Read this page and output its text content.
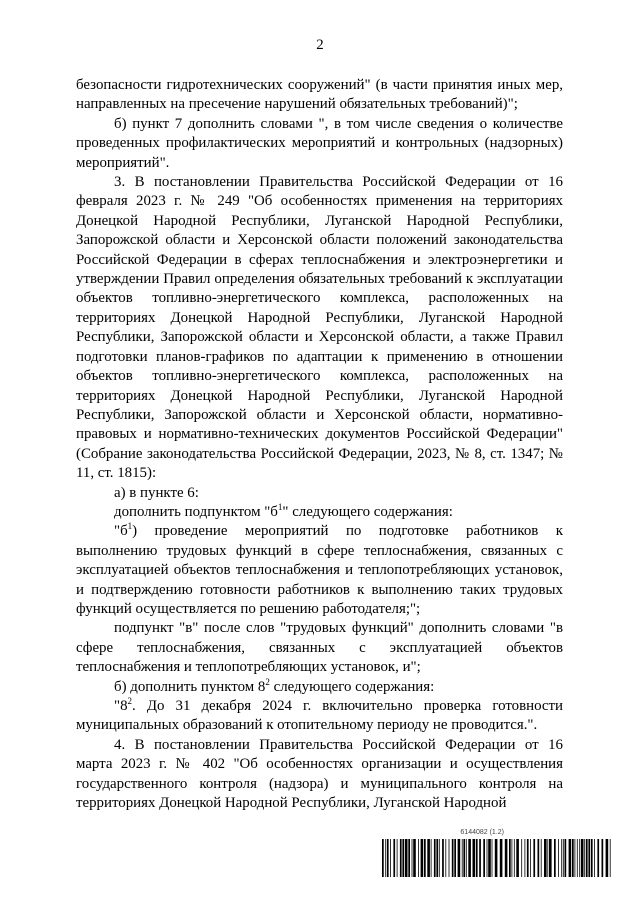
2

безопасности гидротехнических сооружений" (в части принятия иных мер, направленных на пресечение нарушений обязательных требований)";

б) пункт 7 дополнить словами ", в том числе сведения о количестве проведенных профилактических мероприятий и контрольных (надзорных) мероприятий".

3. В постановлении Правительства Российской Федерации от 16 февраля 2023 г. № 249 "Об особенностях применения на территориях Донецкой Народной Республики, Луганской Народной Республики, Запорожской области и Херсонской области положений законодательства Российской Федерации в сферах теплоснабжения и электроэнергетики и утверждении Правил определения обязательных требований к эксплуатации объектов топливно-энергетического комплекса, расположенных на территориях Донецкой Народной Республики, Луганской Народной Республики, Запорожской области и Херсонской области, а также Правил подготовки планов-графиков по адаптации к применению в отношении объектов топливно-энергетического комплекса, расположенных на территориях Донецкой Народной Республики, Луганской Народной Республики, Запорожской области и Херсонской области, нормативно-правовых и нормативно-технических документов Российской Федерации" (Собрание законодательства Российской Федерации, 2023, № 8, ст. 1347; № 11, ст. 1815):

а) в пункте 6:

дополнить подпунктом "$б^1$" следующего содержания:

"$б^1$) проведение мероприятий по подготовке работников к выполнению трудовых функций в сфере теплоснабжения, связанных с эксплуатацией объектов теплоснабжения и теплопотребляющих установок, и подтверждению готовности работников к выполнению таких трудовых функций осуществляется по решению работодателя;";

подпункт "в" после слов "трудовых функций" дополнить словами "в сфере теплоснабжения, связанных с эксплуатацией объектов теплоснабжения и теплопотребляющих установок, и";

б) дополнить пунктом $8^2$ следующего содержания:

"$8^2$. До 31 декабря 2024 г. включительно проверка готовности муниципальных образований к отопительному периоду не проводится.".

4. В постановлении Правительства Российской Федерации от 16 марта 2023 г. № 402 "Об особенностях организации и осуществления государственного контроля (надзора) и муниципального контроля на территориях Донецкой Народной Республики, Луганской Народной

6144082 (1.2)
